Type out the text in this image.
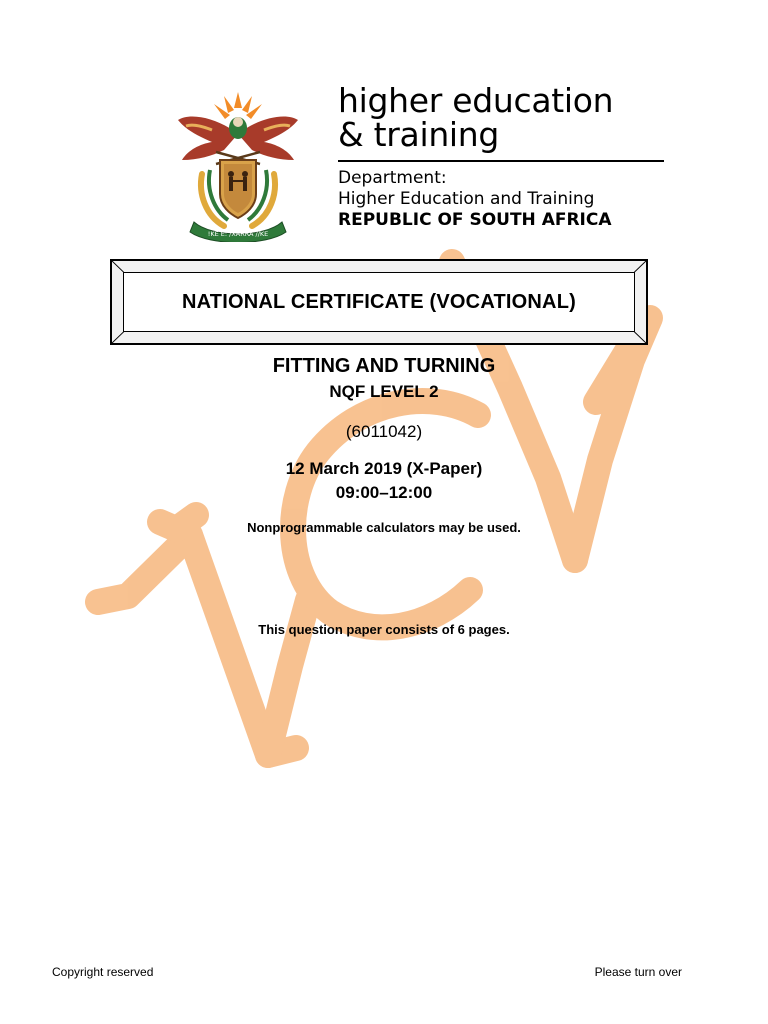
!KE E: /XARRA //KE
higher education
& training
Department:
Higher Education and Training
REPUBLIC OF SOUTH AFRICA
NATIONAL CERTIFICATE (VOCATIONAL)
FITTING AND TURNING
NQF LEVEL 2
(6011042)
12 March 2019 (X-Paper)
09:00–12:00
Nonprogrammable calculators may be used.
This question paper consists of 6 pages.
Copyright reserved	Please turn over
